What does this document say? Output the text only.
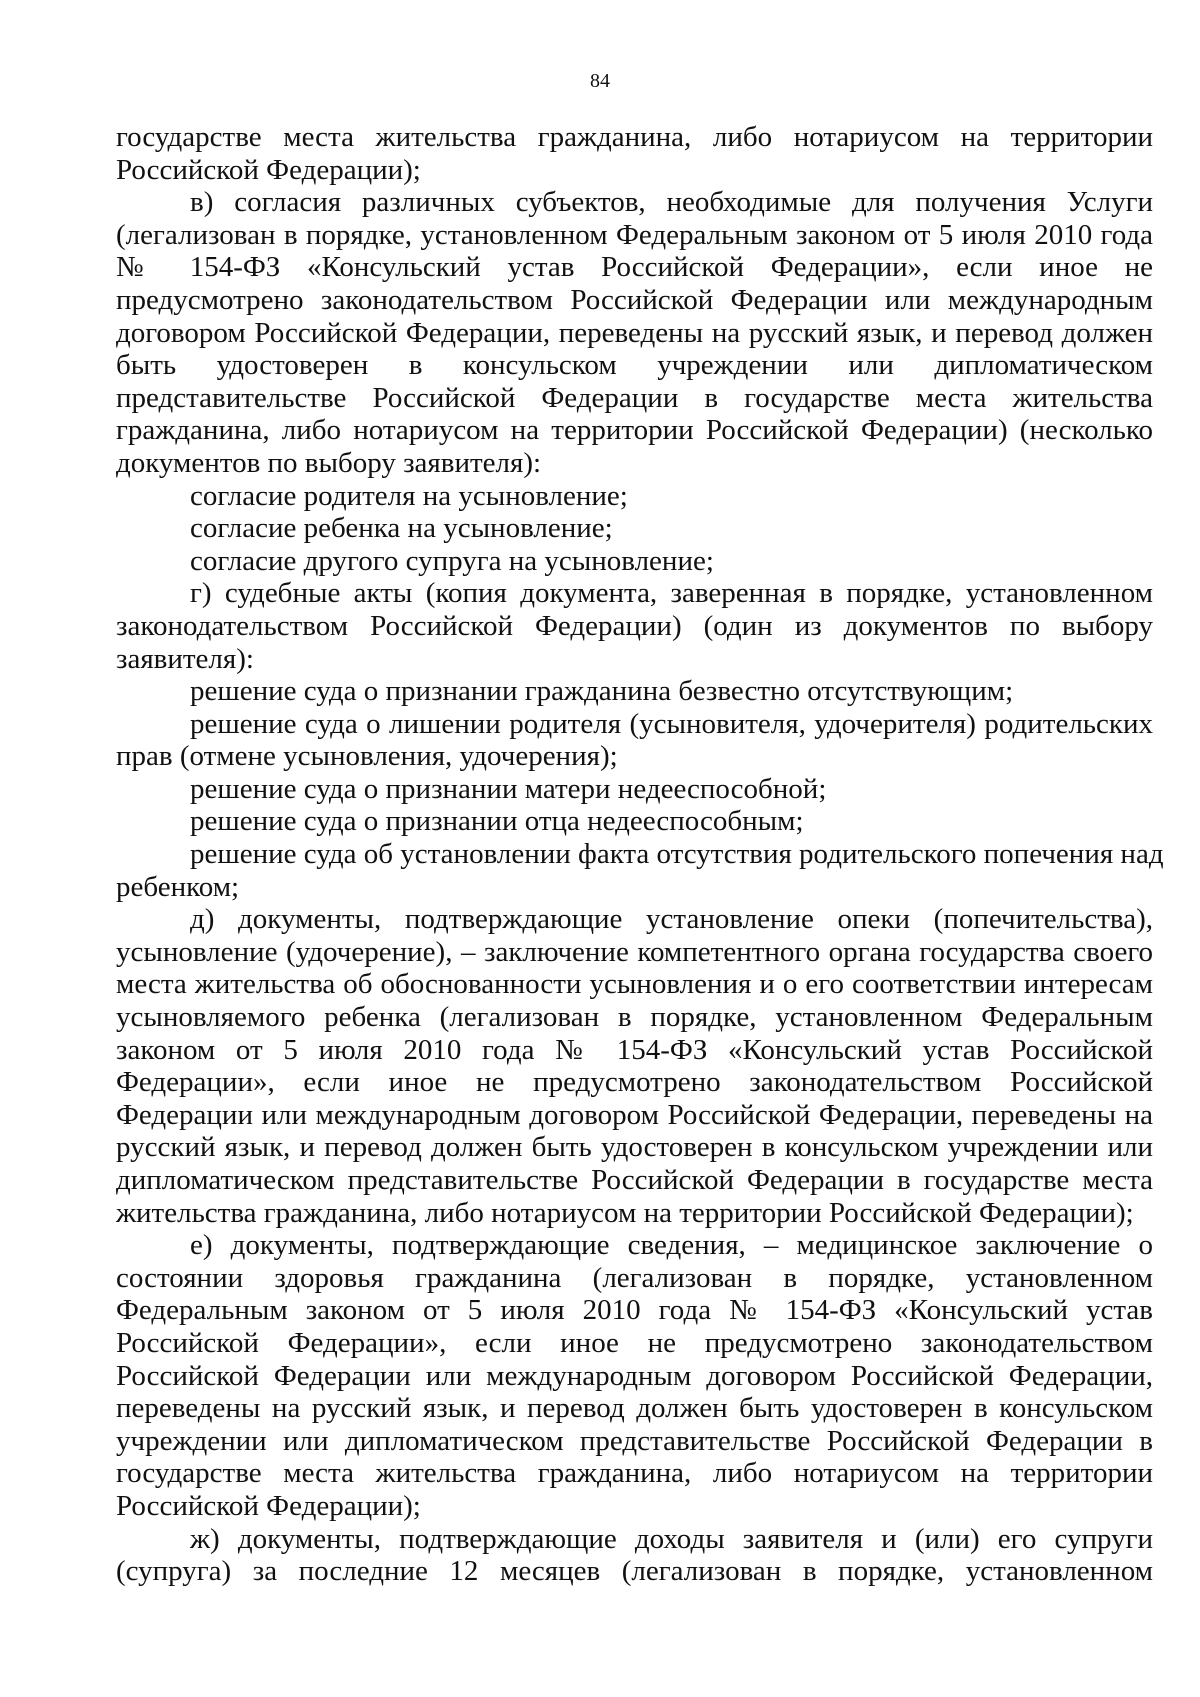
84
государстве места жительства гражданина, либо нотариусом на территории
Российской Федерации);
в) согласия различных субъектов, необходимые для получения Услуги
(легализован в порядке, установленном Федеральным законом от 5 июля 2010 года
№ 154-ФЗ «Консульский устав Российской Федерации», если иное не
предусмотрено законодательством Российской Федерации или международным
договором Российской Федерации, переведены на русский язык, и перевод должен
быть удостоверен в консульском учреждении или дипломатическом
представительстве Российской Федерации в государстве места жительства
гражданина, либо нотариусом на территории Российской Федерации) (несколько
документов по выбору заявителя):
согласие родителя на усыновление;
согласие ребенка на усыновление;
согласие другого супруга на усыновление;
г) судебные акты (копия документа, заверенная в порядке, установленном
законодательством Российской Федерации) (один из документов по выбору
заявителя):
решение суда о признании гражданина безвестно отсутствующим;
решение суда о лишении родителя (усыновителя, удочерителя) родительских
прав (отмене усыновления, удочерения);
решение суда о признании матери недееспособной;
решение суда о признании отца недееспособным;
решение суда об установлении факта отсутствия родительского попечения над
ребенком;
д) документы, подтверждающие установление опеки (попечительства),
усыновление (удочерение), – заключение компетентного органа государства своего
места жительства об обоснованности усыновления и о его соответствии интересам
усыновляемого ребенка (легализован в порядке, установленном Федеральным
законом от 5 июля 2010 года № 154-ФЗ «Консульский устав Российской
Федерации», если иное не предусмотрено законодательством Российской
Федерации или международным договором Российской Федерации, переведены на
русский язык, и перевод должен быть удостоверен в консульском учреждении или
дипломатическом представительстве Российской Федерации в государстве места
жительства гражданина, либо нотариусом на территории Российской Федерации);
е) документы, подтверждающие сведения, – медицинское заключение о
состоянии здоровья гражданина (легализован в порядке, установленном
Федеральным законом от 5 июля 2010 года № 154-ФЗ «Консульский устав
Российской Федерации», если иное не предусмотрено законодательством
Российской Федерации или международным договором Российской Федерации,
переведены на русский язык, и перевод должен быть удостоверен в консульском
учреждении или дипломатическом представительстве Российской Федерации в
государстве места жительства гражданина, либо нотариусом на территории
Российской Федерации);
ж) документы, подтверждающие доходы заявителя и (или) его супруги
(супруга) за последние 12 месяцев (легализован в порядке, установленном
